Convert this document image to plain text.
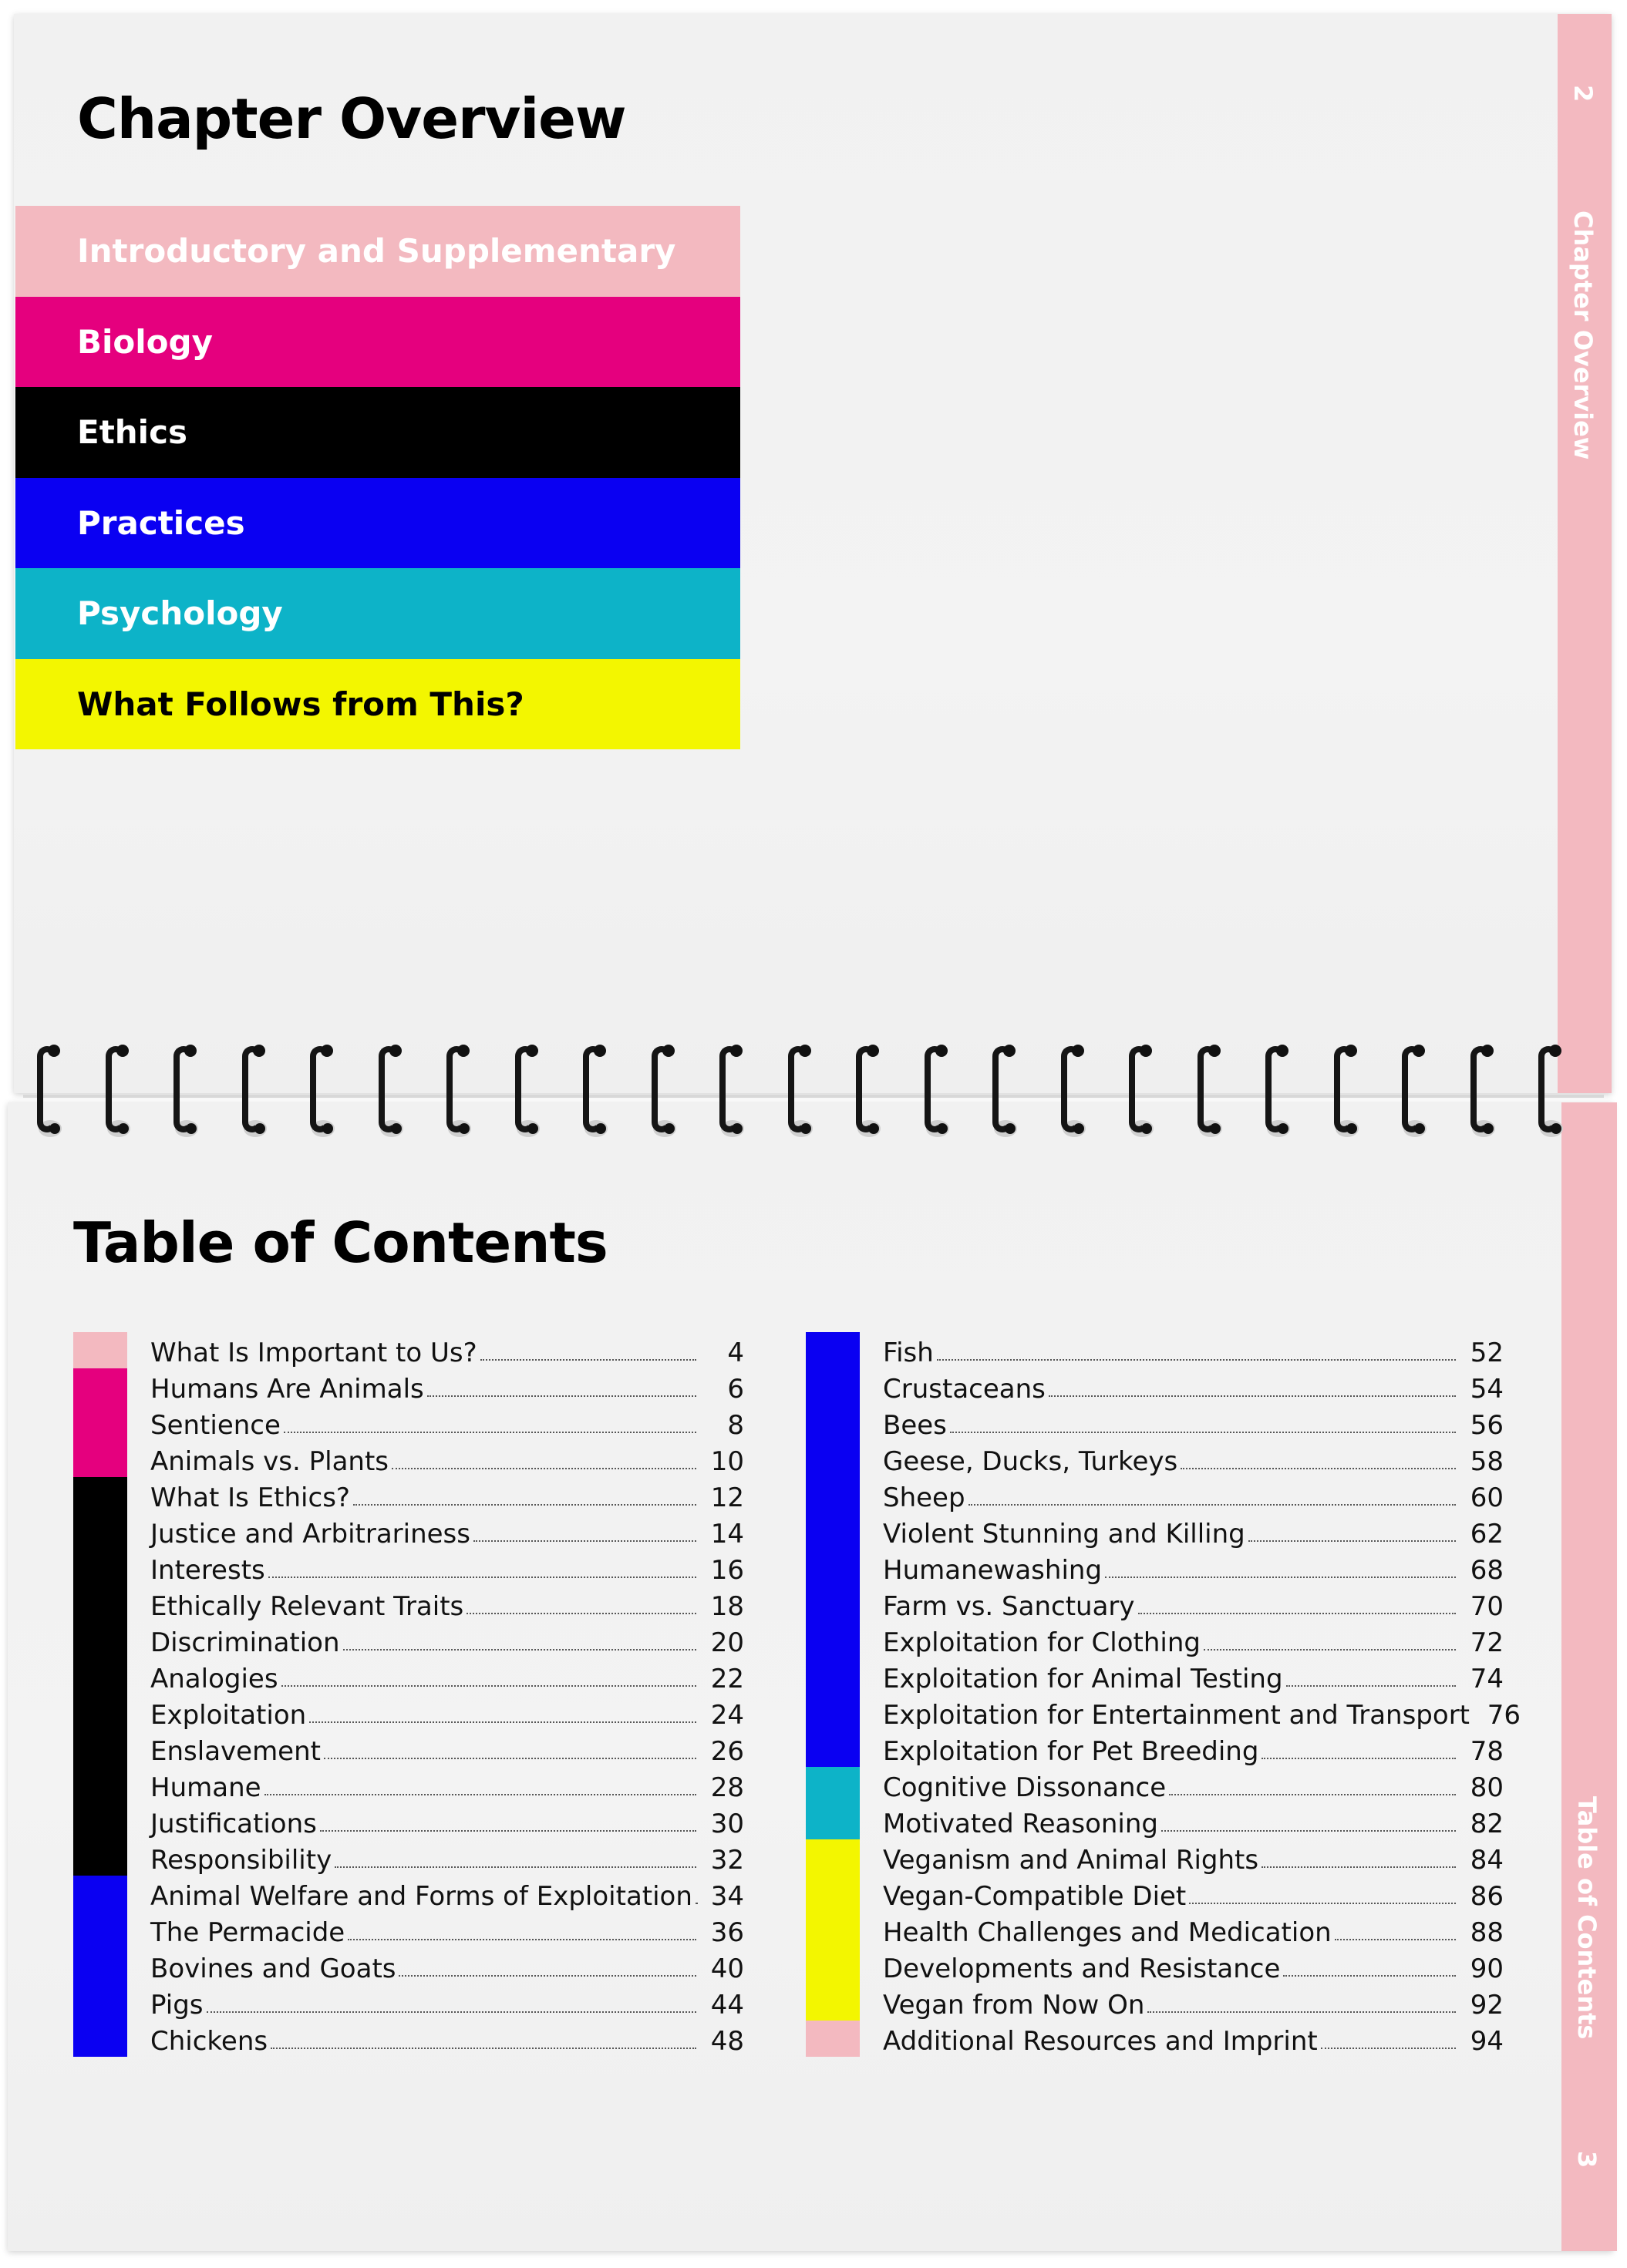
2
Chapter Overview
Table of Contents
3
Chapter Overview
Introductory and Supplementary
Biology
Ethics
Practices
Psychology
What Follows from This?
Table of Contents
What Is Important to Us?	4
Humans Are Animals	6
Sentience	8
Animals vs. Plants	10
What Is Ethics?	12
Justice and Arbitrariness	14
Interests	16
Ethically Relevant Traits	18
Discrimination	20
Analogies	22
Exploitation	24
Enslavement	26
Humane	28
Justifications	30
Responsibility	32
Animal Welfare and Forms of Exploitation 34
The Permacide	36
Bovines and Goats	40
Pigs	44
Chickens	48
Fish	52
Crustaceans	54
Bees	56
Geese, Ducks, Turkeys	58
Sheep	60
Violent Stunning and Killing	62
Humanewashing	68
Farm vs. Sanctuary	70
Exploitation for Clothing	72
Exploitation for Animal Testing	74
Exploitation for Entertainment and Transport 76
Exploitation for Pet Breeding	78
Cognitive Dissonance	80
Motivated Reasoning	82
Veganism and Animal Rights	84
Vegan-Compatible Diet	86
Health Challenges and Medication	88
Developments and Resistance	90
Vegan from Now On	92
Additional Resources and Imprint	94
